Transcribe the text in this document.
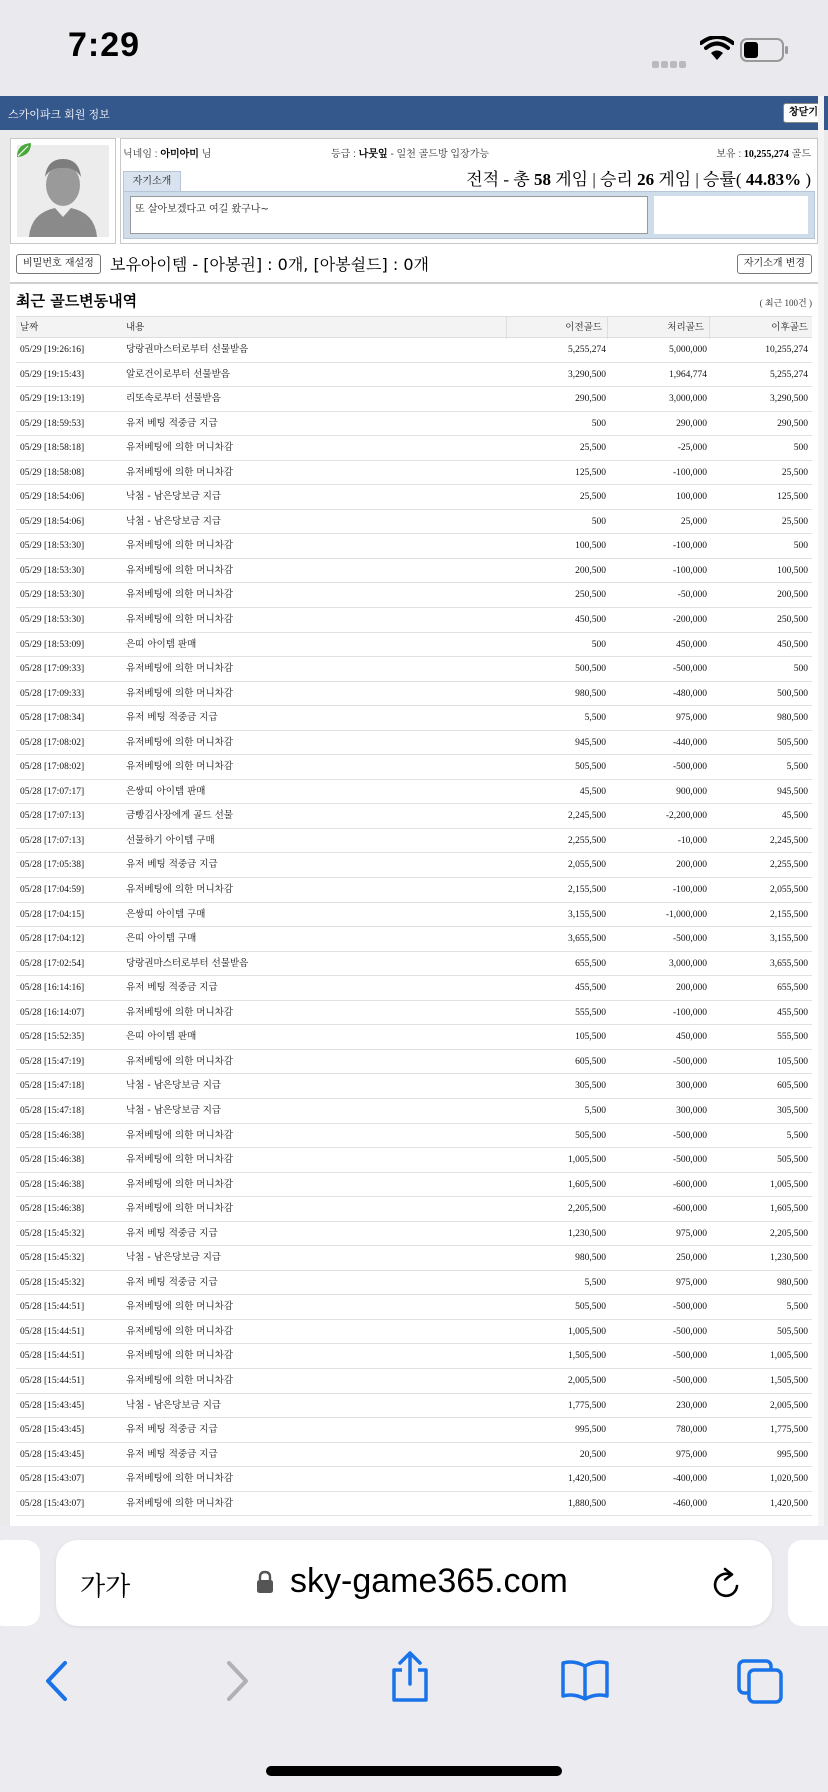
7:29
스카이파크 회원 정보	창닫기
닉네임 : 아미아미 님	등급 : 나뭇잎 - 일천 골드방 입장가능	보유 : 10,255,274 골드
자기소개	전적 - 총 58 게임 | 승리 26 게임 | 승률( 44.83% )
또 살아보겠다고 여길 왔구나~
비밀번호 재설정	보유아이템 - [아봉권] : 0개, [아봉쉴드] : 0개	자기소개 변경
최근 골드변동내역	( 최근 100건 )
날짜	내용	이전골드	처리골드	이후골드
05/29 [19:26:16]	당랑권마스터로부터 선물받음	5,255,274	5,000,000	10,255,274
05/29 [19:15:43]	알로건이로부터 선물받음	3,290,500	1,964,774	5,255,274
05/29 [19:13:19]	리또속로부터 선물받음	290,500	3,000,000	3,290,500
05/29 [18:59:53]	유저 베팅 적중금 지급	500	290,000	290,500
05/29 [18:58:18]	유저베팅에 의한 머니차감	25,500	-25,000	500
05/29 [18:58:08]	유저베팅에 의한 머니차감	125,500	-100,000	25,500
05/29 [18:54:06]	낙첨 - 남은당보금 지급	25,500	100,000	125,500
05/29 [18:54:06]	낙첨 - 남은당보금 지급	500	25,000	25,500
05/29 [18:53:30]	유저베팅에 의한 머니차감	100,500	-100,000	500
05/29 [18:53:30]	유저베팅에 의한 머니차감	200,500	-100,000	100,500
05/29 [18:53:30]	유저베팅에 의한 머니차감	250,500	-50,000	200,500
05/29 [18:53:30]	유저베팅에 의한 머니차감	450,500	-200,000	250,500
05/29 [18:53:09]	은띠 아이템 판매	500	450,000	450,500
05/28 [17:09:33]	유저베팅에 의한 머니차감	500,500	-500,000	500
05/28 [17:09:33]	유저베팅에 의한 머니차감	980,500	-480,000	500,500
05/28 [17:08:34]	유저 베팅 적중금 지급	5,500	975,000	980,500
05/28 [17:08:02]	유저베팅에 의한 머니차감	945,500	-440,000	505,500
05/28 [17:08:02]	유저베팅에 의한 머니차감	505,500	-500,000	5,500
05/28 [17:07:17]	은쌍띠 아이템 판매	45,500	900,000	945,500
05/28 [17:07:13]	금빵김사장에게 골드 선물	2,245,500	-2,200,000	45,500
05/28 [17:07:13]	선물하기 아이템 구매	2,255,500	-10,000	2,245,500
05/28 [17:05:38]	유저 베팅 적중금 지급	2,055,500	200,000	2,255,500
05/28 [17:04:59]	유저베팅에 의한 머니차감	2,155,500	-100,000	2,055,500
05/28 [17:04:15]	은쌍띠 아이템 구매	3,155,500	-1,000,000	2,155,500
05/28 [17:04:12]	은띠 아이템 구매	3,655,500	-500,000	3,155,500
05/28 [17:02:54]	당랑권마스터로부터 선물받음	655,500	3,000,000	3,655,500
05/28 [16:14:16]	유저 베팅 적중금 지급	455,500	200,000	655,500
05/28 [16:14:07]	유저베팅에 의한 머니차감	555,500	-100,000	455,500
05/28 [15:52:35]	은띠 아이템 판매	105,500	450,000	555,500
05/28 [15:47:19]	유저베팅에 의한 머니차감	605,500	-500,000	105,500
05/28 [15:47:18]	낙첨 - 남은당보금 지급	305,500	300,000	605,500
05/28 [15:47:18]	낙첨 - 남은당보금 지급	5,500	300,000	305,500
05/28 [15:46:38]	유저베팅에 의한 머니차감	505,500	-500,000	5,500
05/28 [15:46:38]	유저베팅에 의한 머니차감	1,005,500	-500,000	505,500
05/28 [15:46:38]	유저베팅에 의한 머니차감	1,605,500	-600,000	1,005,500
05/28 [15:46:38]	유저베팅에 의한 머니차감	2,205,500	-600,000	1,605,500
05/28 [15:45:32]	유저 베팅 적중금 지급	1,230,500	975,000	2,205,500
05/28 [15:45:32]	낙첨 - 남은당보금 지급	980,500	250,000	1,230,500
05/28 [15:45:32]	유저 베팅 적중금 지급	5,500	975,000	980,500
05/28 [15:44:51]	유저베팅에 의한 머니차감	505,500	-500,000	5,500
05/28 [15:44:51]	유저베팅에 의한 머니차감	1,005,500	-500,000	505,500
05/28 [15:44:51]	유저베팅에 의한 머니차감	1,505,500	-500,000	1,005,500
05/28 [15:44:51]	유저베팅에 의한 머니차감	2,005,500	-500,000	1,505,500
05/28 [15:43:45]	낙첨 - 남은당보금 지급	1,775,500	230,000	2,005,500
05/28 [15:43:45]	유저 베팅 적중금 지급	995,500	780,000	1,775,500
05/28 [15:43:45]	유저 베팅 적중금 지급	20,500	975,000	995,500
05/28 [15:43:07]	유저베팅에 의한 머니차감	1,420,500	-400,000	1,020,500
05/28 [15:43:07]	유저베팅에 의한 머니차감	1,880,500	-460,000	1,420,500
가가	sky-game365.com
